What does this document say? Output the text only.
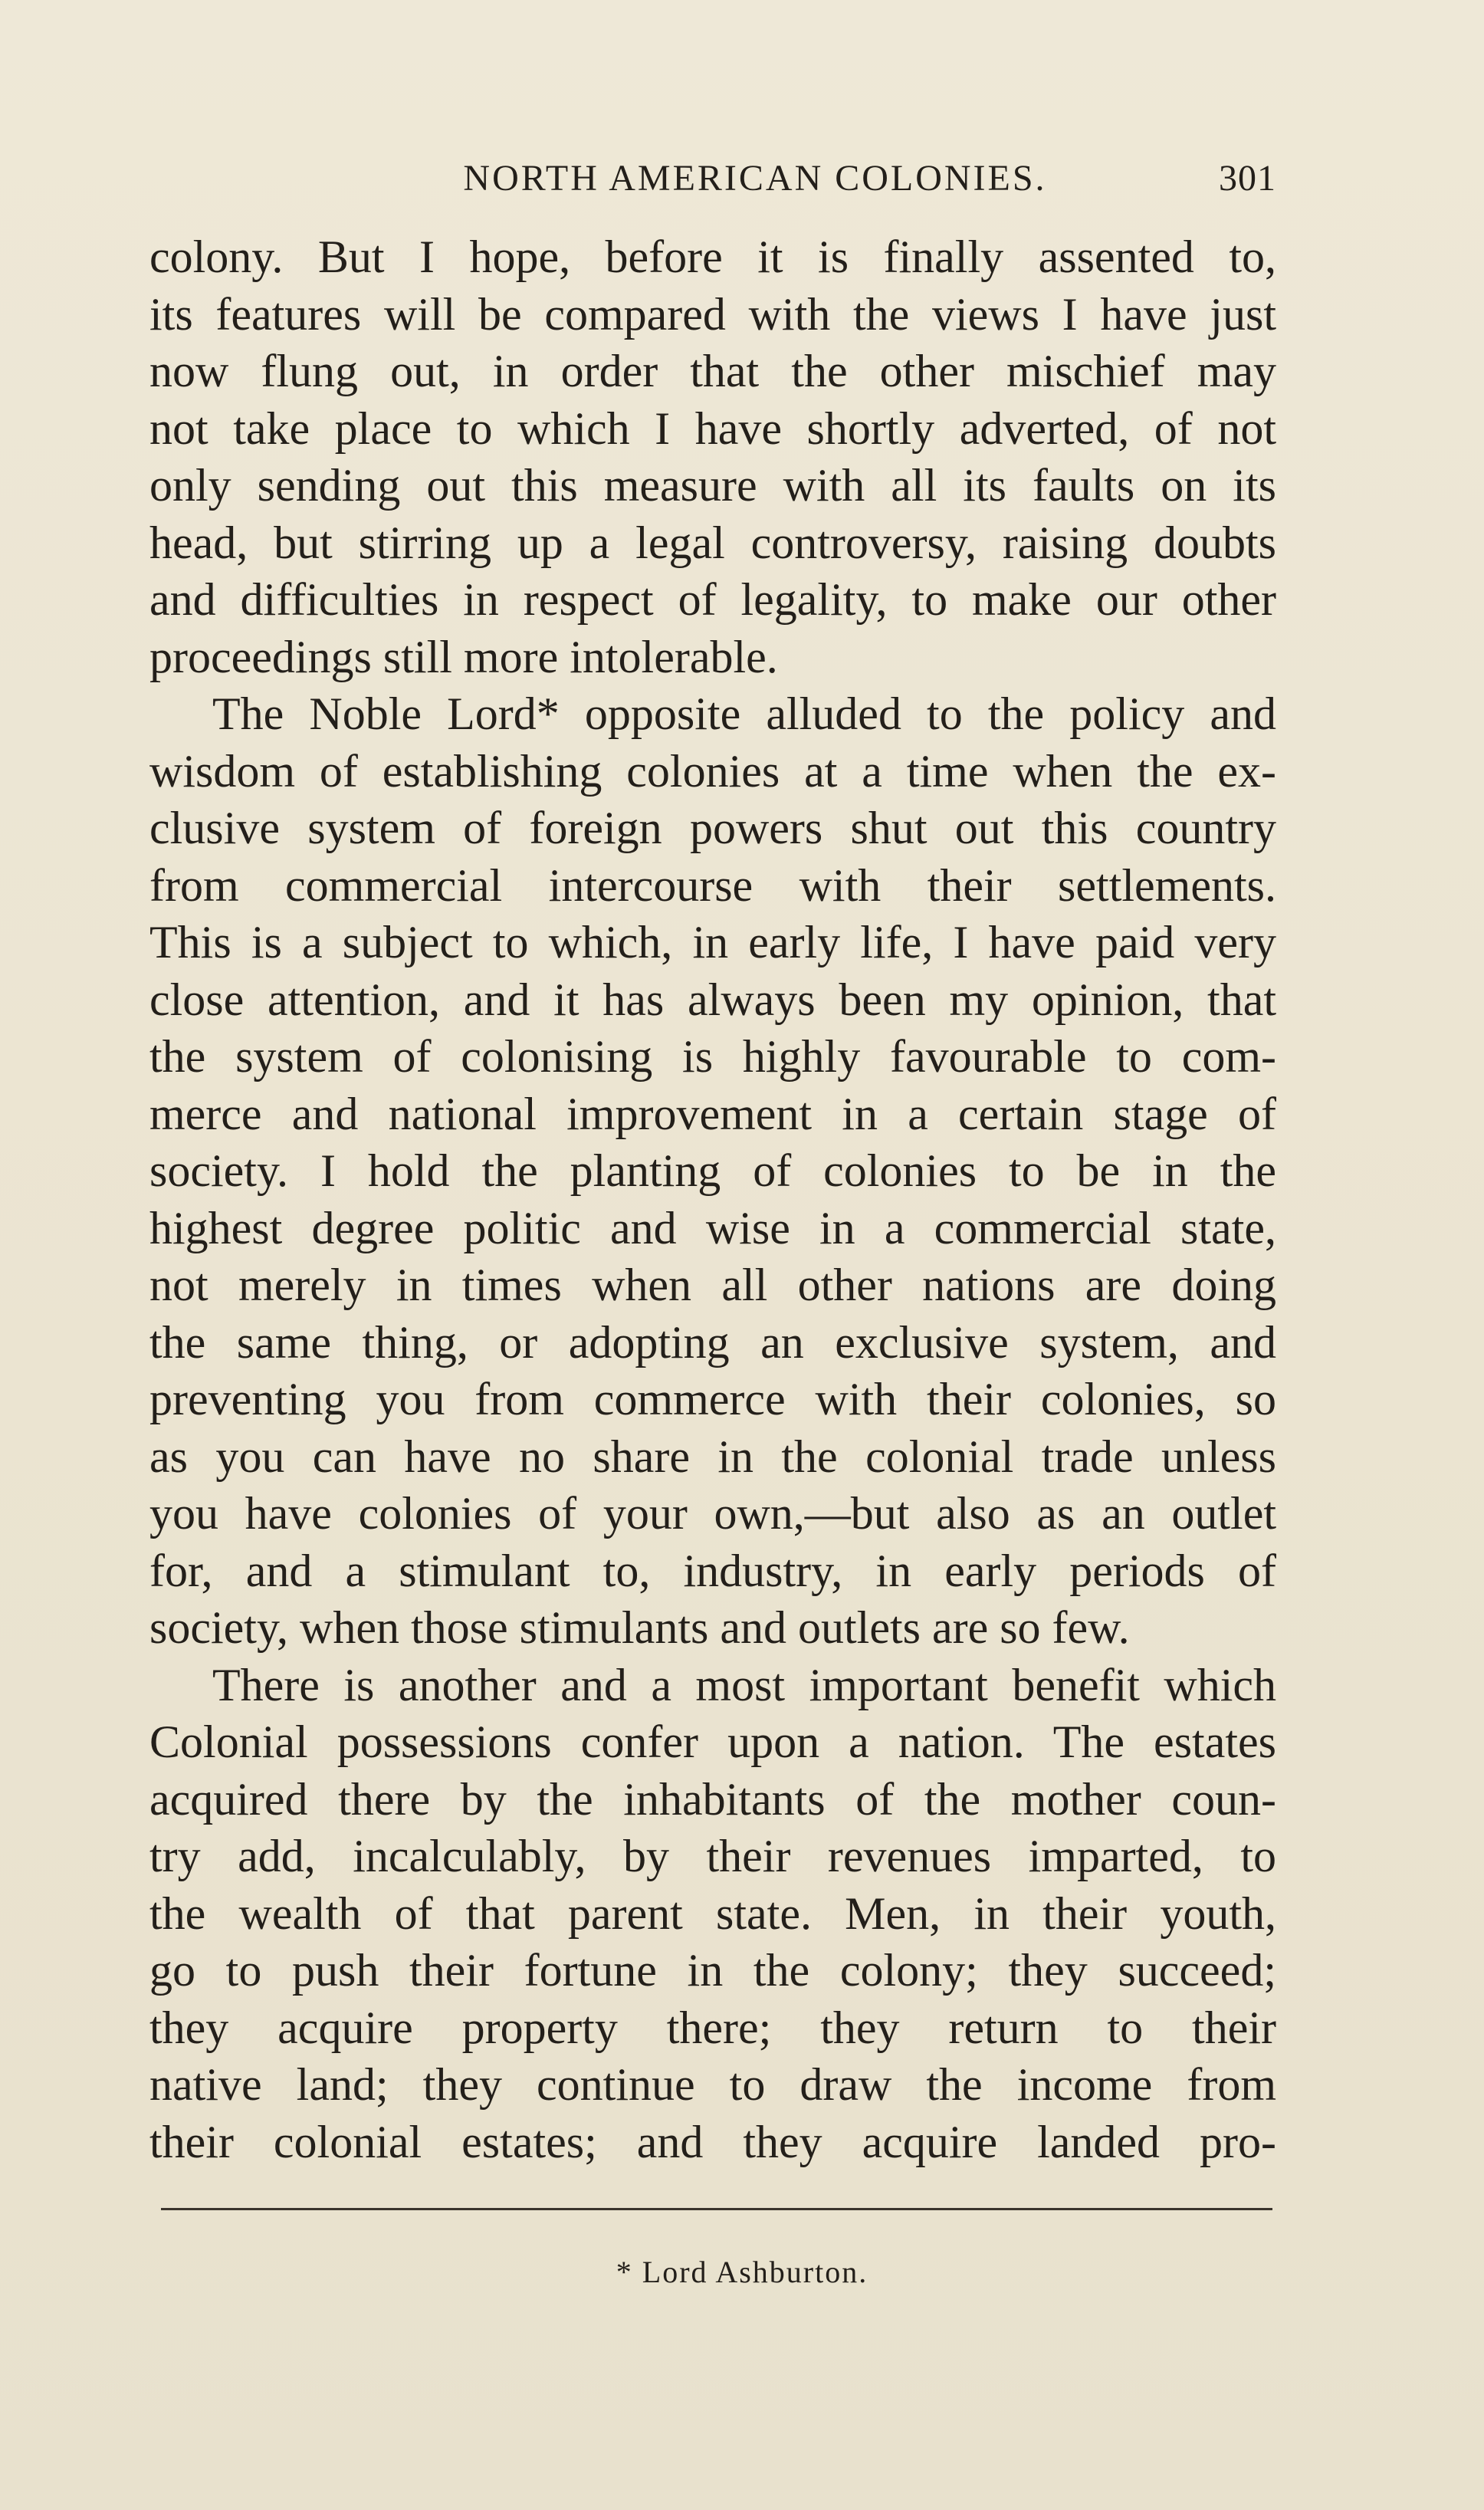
NORTH AMERICAN COLONIES.	301
colony. But I hope, before it is finally assented to,
its features will be compared with the views I have just
now flung out, in order that the other mischief may
not take place to which I have shortly adverted, of not
only sending out this measure with all its faults on its
head, but stirring up a legal controversy, raising doubts
and difficulties in respect of legality, to make our other
proceedings still more intolerable.
The Noble Lord* opposite alluded to the policy and
wisdom of establishing colonies at a time when the ex-
clusive system of foreign powers shut out this country
from commercial intercourse with their settlements.
This is a subject to which, in early life, I have paid very
close attention, and it has always been my opinion, that
the system of colonising is highly favourable to com-
merce and national improvement in a certain stage of
society. I hold the planting of colonies to be in the
highest degree politic and wise in a commercial state,
not merely in times when all other nations are doing
the same thing, or adopting an exclusive system, and
preventing you from commerce with their colonies, so
as you can have no share in the colonial trade unless
you have colonies of your own,—but also as an outlet
for, and a stimulant to, industry, in early periods of
society, when those stimulants and outlets are so few.
There is another and a most important benefit which
Colonial possessions confer upon a nation. The estates
acquired there by the inhabitants of the mother coun-
try add, incalculably, by their revenues imparted, to
the wealth of that parent state. Men, in their youth,
go to push their fortune in the colony; they succeed;
they acquire property there; they return to their
native land; they continue to draw the income from
their colonial estates; and they acquire landed pro-
* Lord Ashburton.
